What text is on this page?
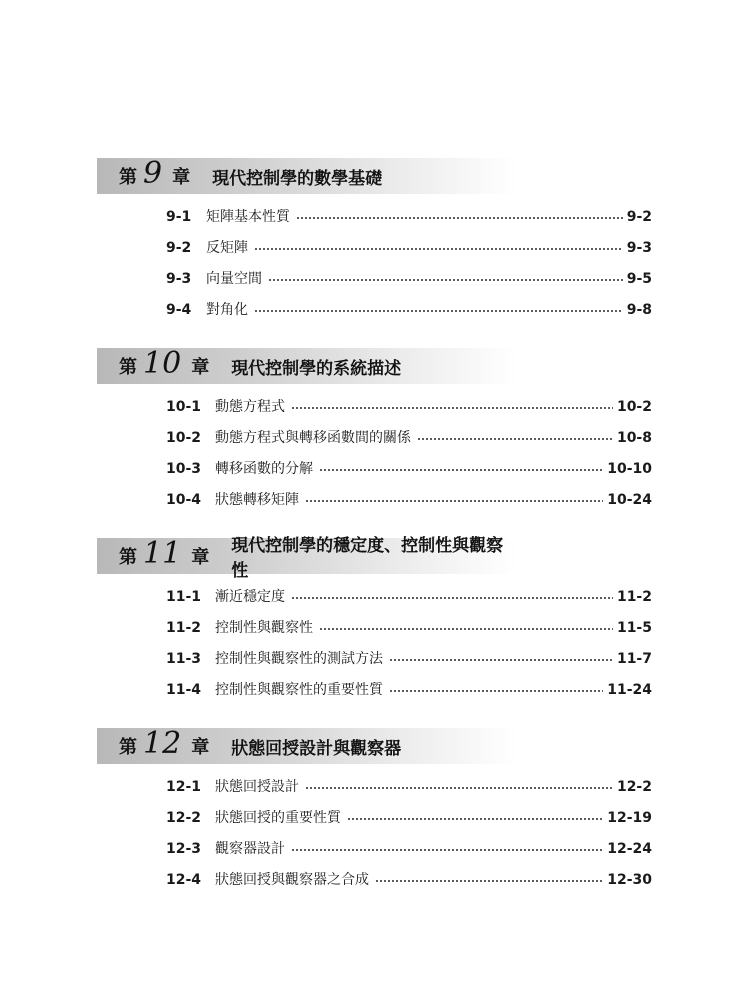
第 9 章 現代控制學的數學基礎
9-1	矩陣基本性質	9-2
9-2	反矩陣	9-3
9-3	向量空間	9-5
9-4	對角化	9-8
第 10 章 現代控制學的系統描述
10-1 動態方程式	10-2
10-2 動態方程式與轉移函數間的關係	10-8
10-3 轉移函數的分解	10-10
10-4 狀態轉移矩陣	10-24
第 11 章
現代控制學的穩定度、控制性與觀察性
11-1 漸近穩定度	11-2
11-2 控制性與觀察性	11-5
11-3 控制性與觀察性的測試方法	11-7
11-4 控制性與觀察性的重要性質	11-24
第 12 章 狀態回授設計與觀察器
12-1 狀態回授設計	12-2
12-2 狀態回授的重要性質	12-19
12-3 觀察器設計	12-24
12-4 狀態回授與觀察器之合成	12-30
